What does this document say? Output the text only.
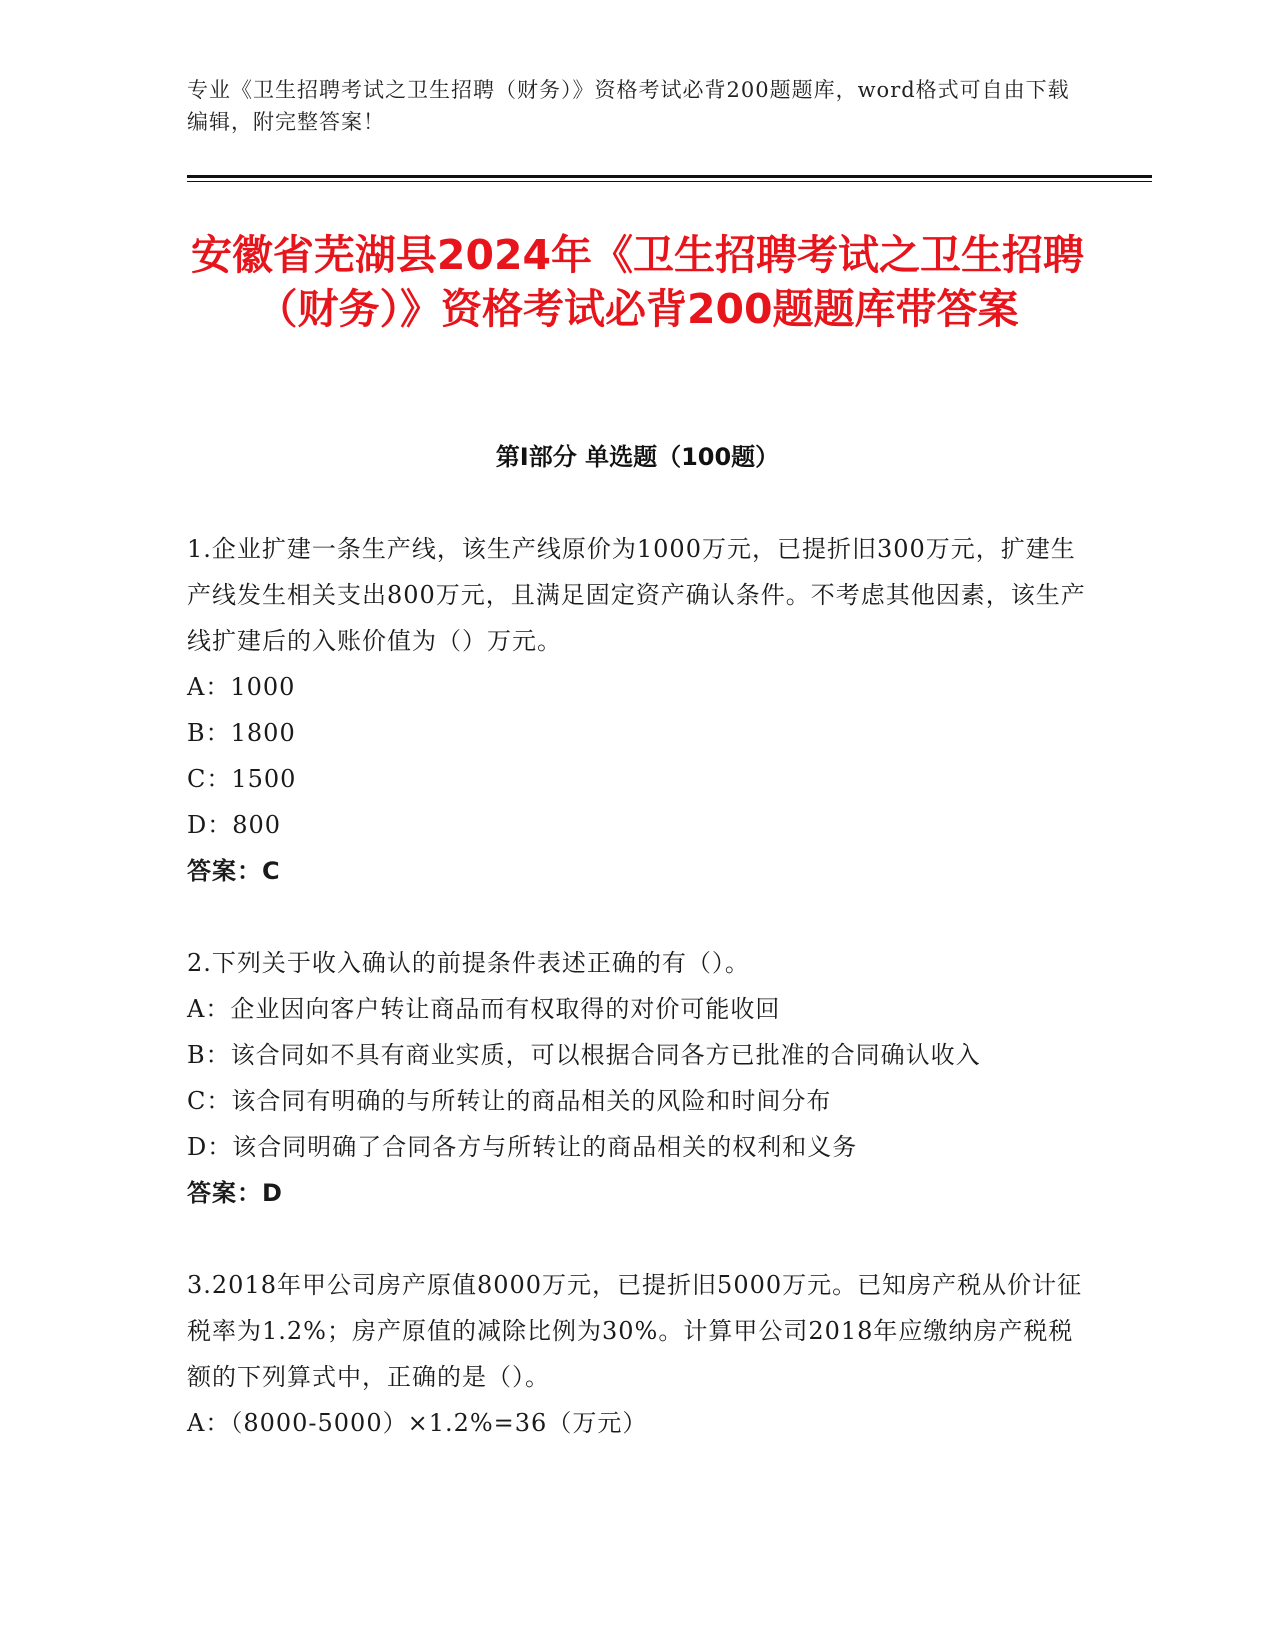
专业《卫生招聘考试之卫生招聘（财务）》资格考试必背200题题库，word格式可自由下载编辑，附完整答案！
安徽省芜湖县2024年《卫生招聘考试之卫生招聘（财务）》资格考试必背200题题库带答案
第I部分 单选题（100题）

1.企业扩建一条生产线，该生产线原价为1000万元，已提折旧300万元，扩建生产线发生相关支出800万元，且满足固定资产确认条件。不考虑其他因素，该生产线扩建后的入账价值为（）万元。

A：1000

B：1800

C：1500

D：800

答案：C

2.下列关于收入确认的前提条件表述正确的有（）。

A：企业因向客户转让商品而有权取得的对价可能收回

B：该合同如不具有商业实质，可以根据合同各方已批准的合同确认收入

C：该合同有明确的与所转让的商品相关的风险和时间分布

D：该合同明确了合同各方与所转让的商品相关的权利和义务

答案：D

3.2018年甲公司房产原值8000万元，已提折旧5000万元。已知房产税从价计征税率为1.2%；房产原值的减除比例为30%。计算甲公司2018年应缴纳房产税税额的下列算式中，正确的是（）。

A：（8000-5000）×1.2%=36（万元）
